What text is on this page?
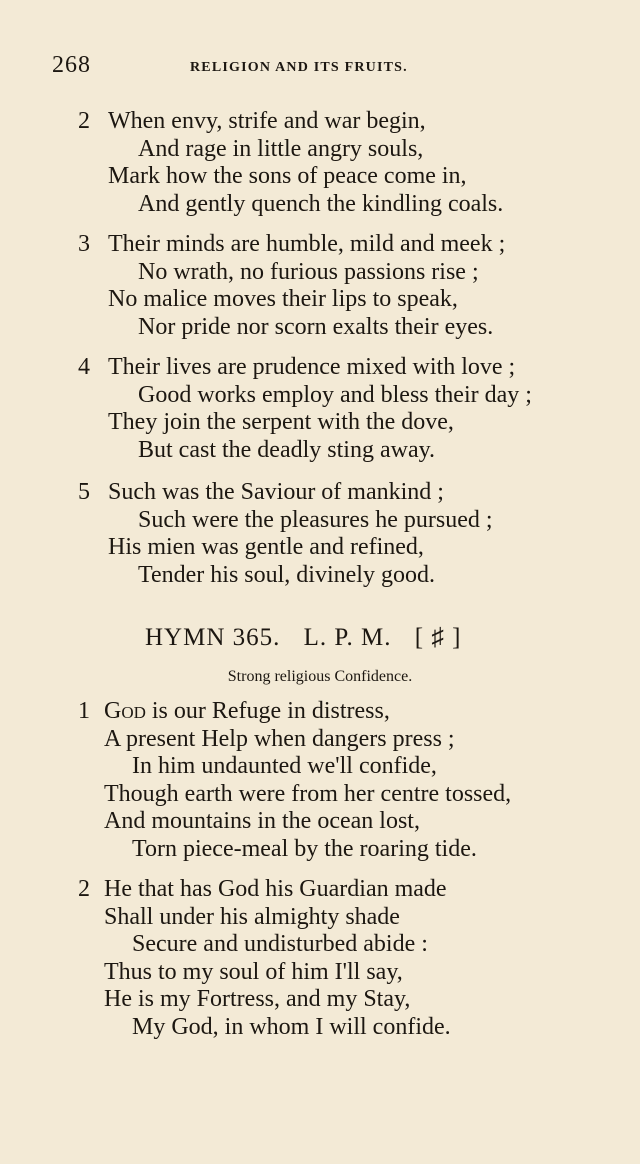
268	RELIGION AND ITS FRUITS.
2 When envy, strife and war begin,
And rage in little angry souls,
Mark how the sons of peace come in,
And gently quench the kindling coals.
3 Their minds are humble, mild and meek ;
No wrath, no furious passions rise ;
No malice moves their lips to speak,
Nor pride nor scorn exalts their eyes.
4 Their lives are prudence mixed with love ;
Good works employ and bless their day ;
They join the serpent with the dove,
But cast the deadly sting away.
5 Such was the Saviour of mankind ;
Such were the pleasures he pursued ;
His mien was gentle and refined,
Tender his soul, divinely good.
HYMN 365. L. P. M. [ ♯ ]
Strong religious Confidence.
1 God is our Refuge in distress,
A present Help when dangers press ;
In him undaunted we'll confide,
Though earth were from her centre tossed,
And mountains in the ocean lost,
Torn piece-meal by the roaring tide.
2 He that has God his Guardian made
Shall under his almighty shade
Secure and undisturbed abide :
Thus to my soul of him I'll say,
He is my Fortress, and my Stay,
My God, in whom I will confide.
